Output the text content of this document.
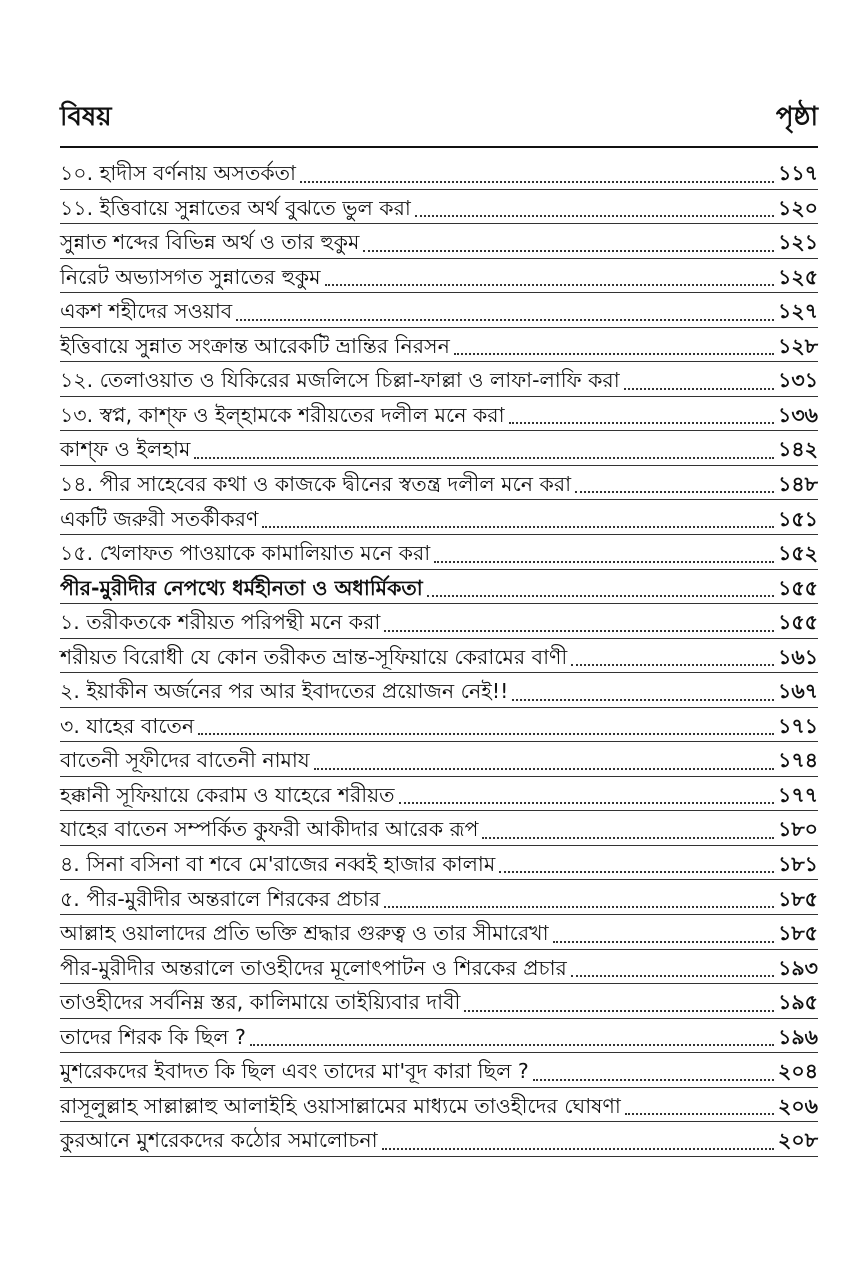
বিষয়	পৃষ্ঠা
১০. হাদীস বর্ণনায় অসতর্কতা	১১৭
১১. ইত্তিবায়ে সুন্নাতের অর্থ বুঝতে ভুল করা	১২০
সুন্নাত শব্দের বিভিন্ন অর্থ ও তার হুকুম	১২১
নিরেট অভ্যাসগত সুন্নাতের হুকুম	১২৫
একশ শহীদের সওয়াব	১২৭
ইত্তিবায়ে সুন্নাত সংক্রান্ত আরেকটি ভ্রান্তির নিরসন	১২৮
১২. তেলাওয়াত ও যিকিরের মজলিসে চিল্লা-ফাল্লা ও লাফা-লাফি করা	১৩১
১৩. স্বপ্ন, কাশ্‌ফ ও ইল্‌হামকে শরীয়তের দলীল মনে করা	১৩৬
কাশ্‌ফ ও ইলহাম	১৪২
১৪. পীর সাহেবের কথা ও কাজকে দ্বীনের স্বতন্ত্র দলীল মনে করা	১৪৮
একটি জরুরী সতর্কীকরণ	১৫১
১৫. খেলাফত পাওয়াকে কামালিয়াত মনে করা	১৫২
পীর-মুরীদীর নেপথ্যে ধর্মহীনতা ও অধার্মিকতা	১৫৫
১. তরীকতকে শরীয়ত পরিপন্থী মনে করা	১৫৫
শরীয়ত বিরোধী যে কোন তরীকত ভ্রান্ত-সূফিয়ায়ে কেরামের বাণী	১৬১
২. ইয়াকীন অর্জনের পর আর ইবাদতের প্রয়োজন নেই!!	১৬৭
৩. যাহের বাতেন	১৭১
বাতেনী সূফীদের বাতেনী নামায	১৭৪
হক্কানী সূফিয়ায়ে কেরাম ও যাহেরে শরীয়ত	১৭৭
যাহের বাতেন সম্পর্কিত কুফরী আকীদার আরেক রূপ	১৮০
৪. সিনা বসিনা বা শবে মে'রাজের নব্বই হাজার কালাম	১৮১
৫. পীর-মুরীদীর অন্তরালে শিরকের প্রচার	১৮৫
আল্লাহ ওয়ালাদের প্রতি ভক্তি শ্রদ্ধার গুরুত্ব ও তার সীমারেখা	১৮৫
পীর-মুরীদীর অন্তরালে তাওহীদের মূলোৎপাটন ও শিরকের প্রচার	১৯৩
তাওহীদের সর্বনিম্ন স্তর, কালিমায়ে তাইয়্যিবার দাবী	১৯৫
তাদের শিরক কি ছিল ?	১৯৬
মুশরেকদের ইবাদত কি ছিল এবং তাদের মা'বূদ কারা ছিল ?	২০৪
রাসূলুল্লাহ সাল্লাল্লাহু আলাইহি ওয়াসাল্লামের মাধ্যমে তাওহীদের ঘোষণা	২০৬
কুরআনে মুশরেকদের কঠোর সমালোচনা	২০৮
